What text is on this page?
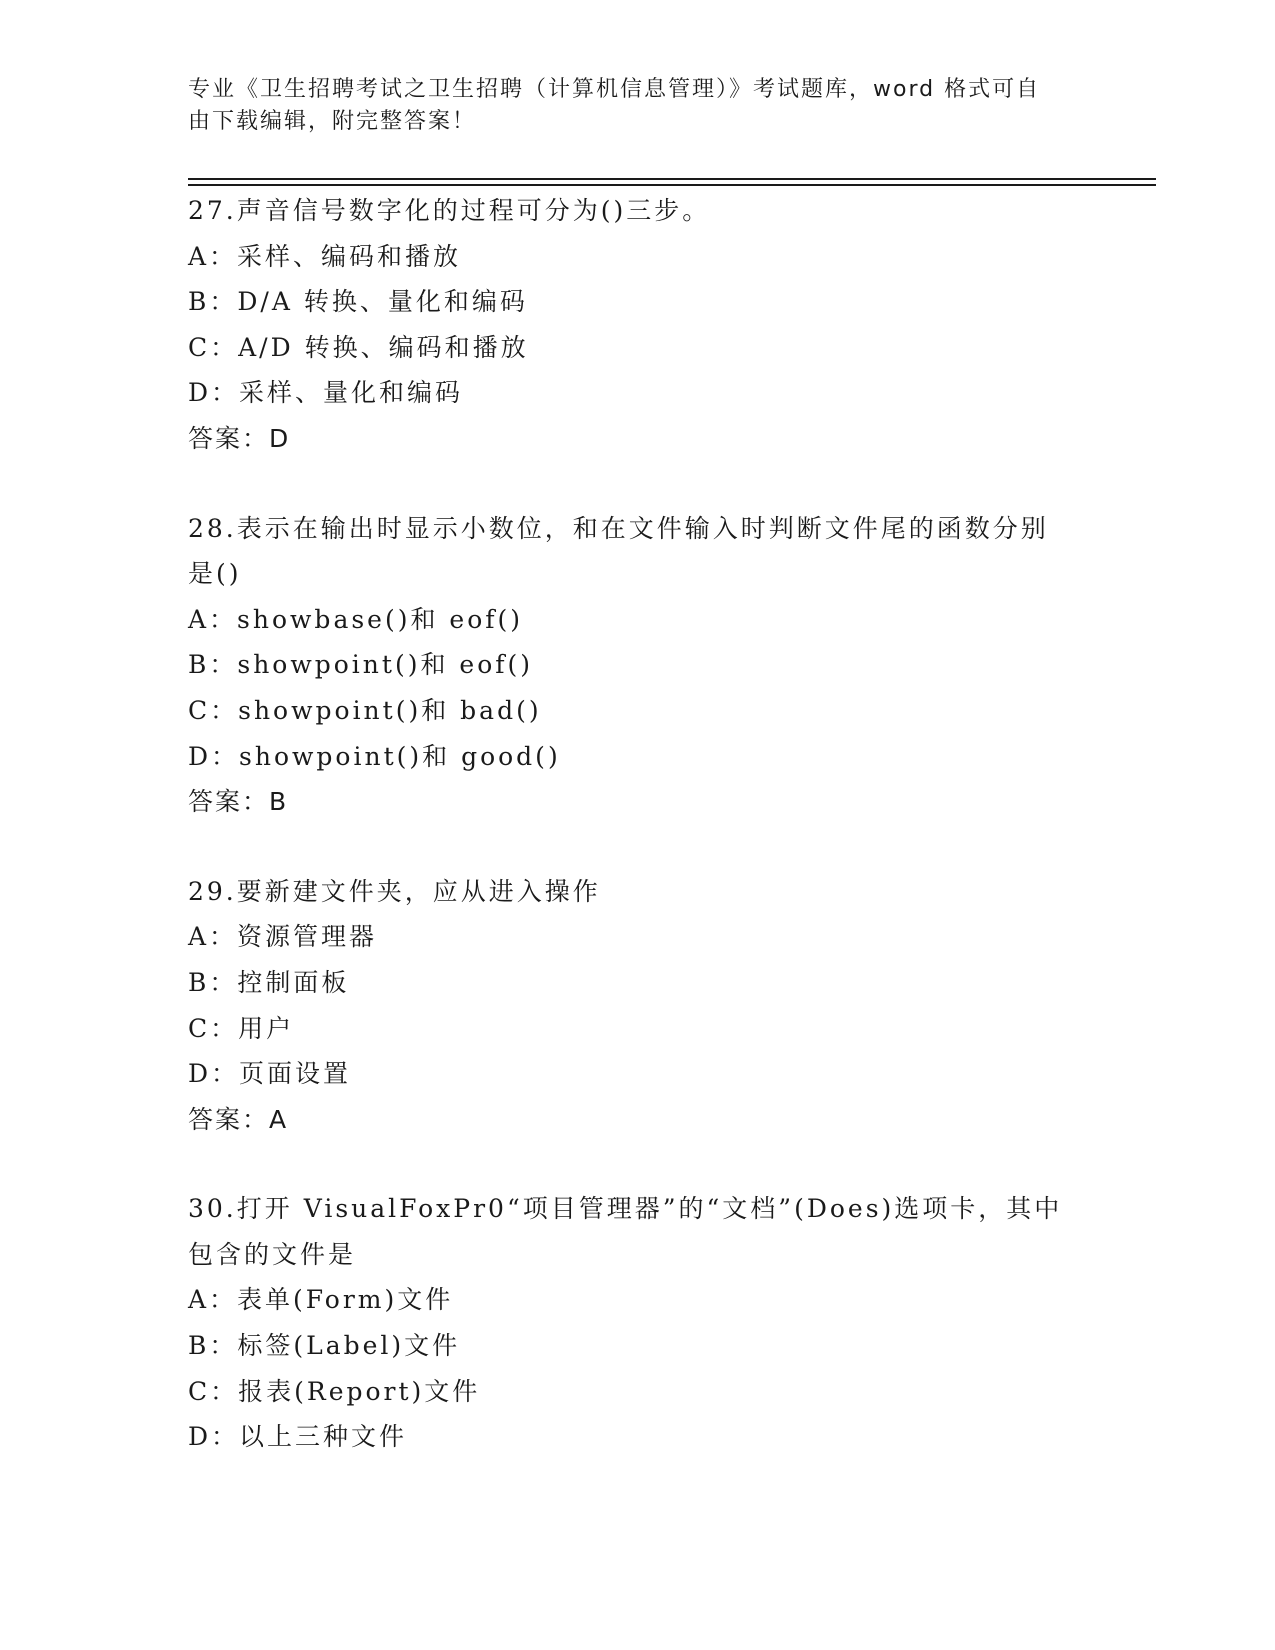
专业《卫生招聘考试之卫生招聘（计算机信息管理）》考试题库，word 格式可自
由下载编辑，附完整答案！
27.声音信号数字化的过程可分为()三步。
A：采样、编码和播放
B：D/A 转换、量化和编码
C：A/D 转换、编码和播放
D：采样、量化和编码
答案：D
28.表示在输出时显示小数位，和在文件输入时判断文件尾的函数分别
是()
A：showbase()和 eof()
B：showpoint()和 eof()
C：showpoint()和 bad()
D：showpoint()和 good()
答案：B
29.要新建文件夹，应从进入操作
A：资源管理器
B：控制面板
C：用户
D：页面设置
答案：A
30.打开 VisualFoxPr0“项目管理器”的“文档”(Does)选项卡，其中
包含的文件是
A：表单(Form)文件
B：标签(Label)文件
C：报表(Report)文件
D：以上三种文件
